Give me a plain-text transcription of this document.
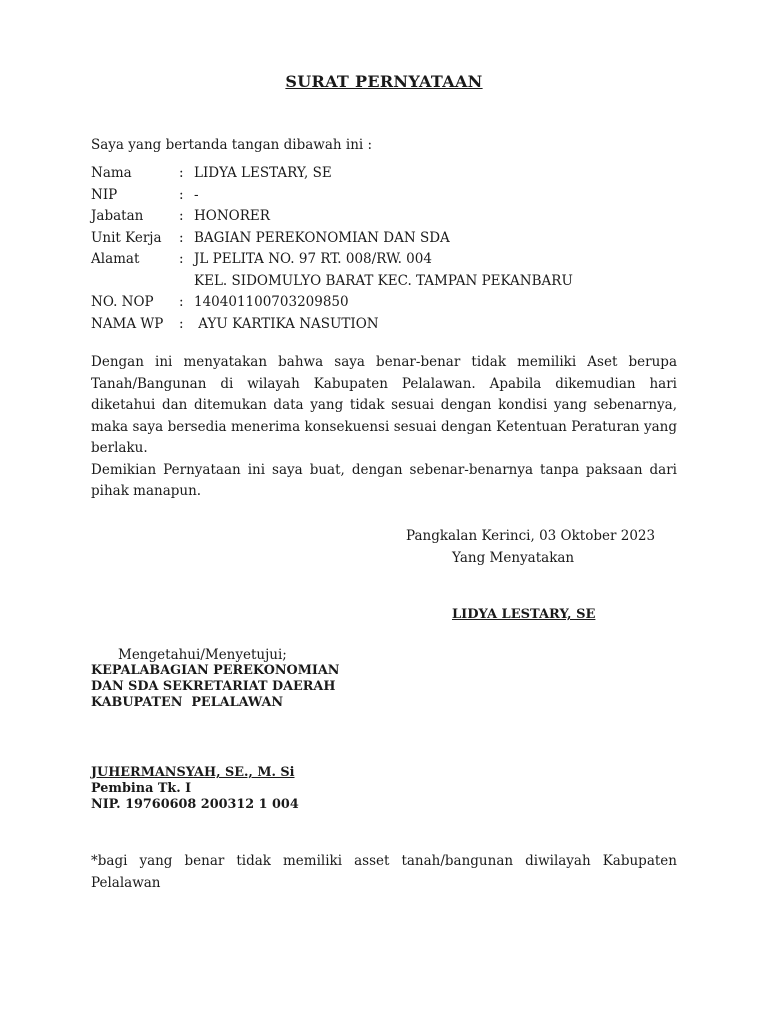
SURAT PERNYATAAN
Saya yang bertanda tangan dibawah ini :
Nama	: LIDYA LESTARY, SE
NIP	: -
Jabatan	: HONORER
Unit Kerja	: BAGIAN PEREKONOMIAN DAN SDA
Alamat	: JL PELITA NO. 97 RT. 008/RW. 004
KEL. SIDOMULYO BARAT KEC. TAMPAN PEKANBARU
NO. NOP	: 140401100703209850
NAMA WP	: AYU KARTIKA NASUTION

Dengan ini menyatakan bahwa saya benar-benar tidak memiliki Aset berupa Tanah/Bangunan di wilayah Kabupaten Pelalawan. Apabila dikemudian hari diketahui dan ditemukan data yang tidak sesuai dengan kondisi yang sebenarnya, maka saya bersedia menerima konsekuensi sesuai dengan Ketentuan Peraturan yang berlaku.

Demikian Pernyataan ini saya buat, dengan sebenar-benarnya tanpa paksaan dari pihak manapun.

Pangkalan Kerinci, 03 Oktober 2023
Yang Menyatakan
LIDYA LESTARY, SE
Mengetahui/Menyetujui;
KEPALABAGIAN PEREKONOMIAN
DAN SDA SEKRETARIAT DAERAH
KABUPATEN  PELALAWAN
JUHERMANSYAH, SE., M. Si
Pembina Tk. I
NIP. 19760608 200312 1 004
*bagi yang benar tidak memiliki asset tanah/bangunan diwilayah Kabupaten Pelalawan
